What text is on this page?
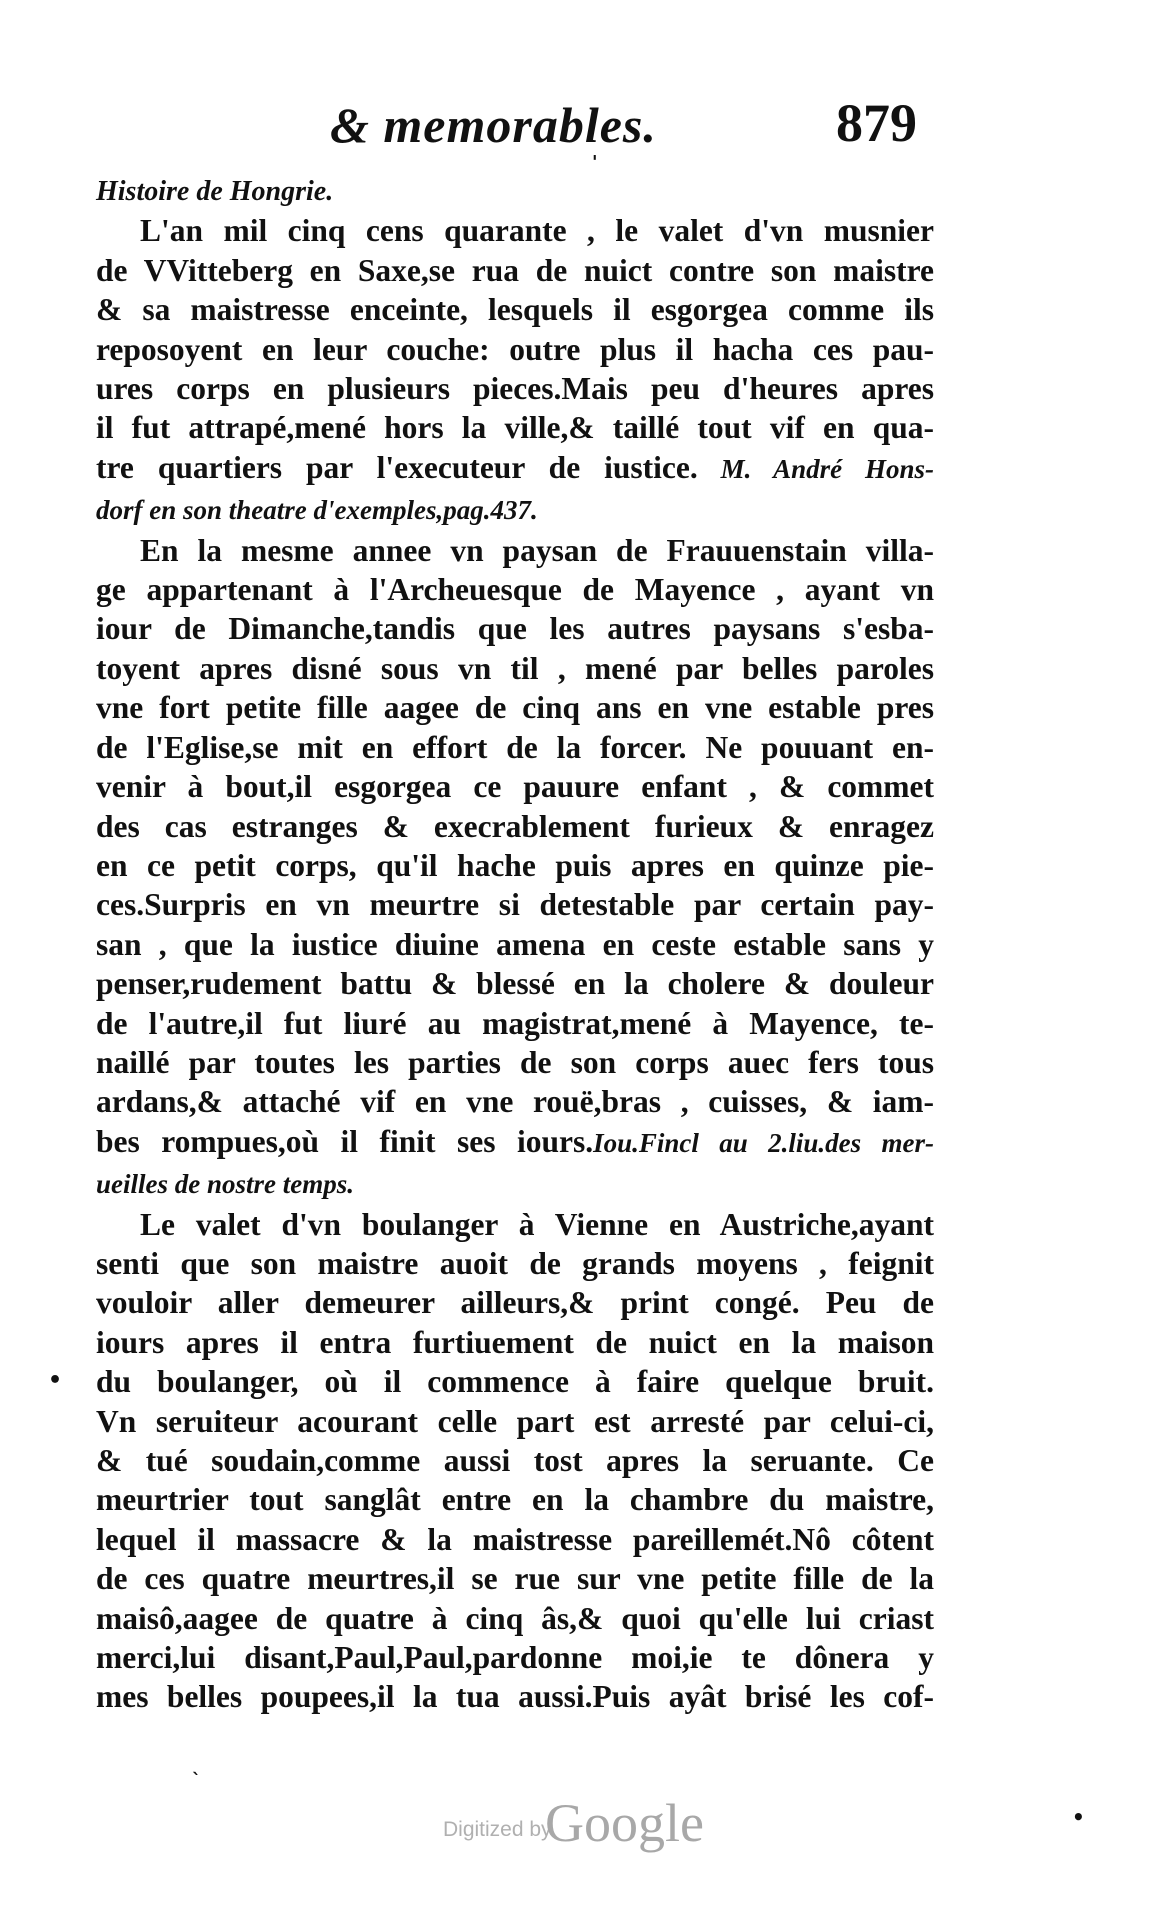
& memorables.	879
Histoire de Hongrie.
L'an mil cinq cens quarante , le valet d'vn musnier
de VVitteberg en Saxe,se rua de nuict contre son maistre
& sa maistresse enceinte, lesquels il esgorgea comme ils
reposoyent en leur couche: outre plus il hacha ces pau-
ures corps en plusieurs pieces.Mais peu d'heures apres
il fut attrapé,mené hors la ville,& taillé tout vif en qua-
tre quartiers par l'executeur de iustice. M. André Hons-
dorf en son theatre d'exemples,pag.437.
En la mesme annee vn paysan de Frauuenstain villa-
ge appartenant à l'Archeuesque de Mayence , ayant vn
iour de Dimanche,tandis que les autres paysans s'esba-
toyent apres disné sous vn til , mené par belles paroles
vne fort petite fille aagee de cinq ans en vne estable pres
de l'Eglise,se mit en effort de la forcer. Ne pouuant en-
venir à bout,il esgorgea ce pauure enfant , & commet
des cas estranges & execrablement furieux & enragez
en ce petit corps, qu'il hache puis apres en quinze pie-
ces.Surpris en vn meurtre si detestable par certain pay-
san , que la iustice diuine amena en ceste estable sans y
penser,rudement battu & blessé en la cholere & douleur
de l'autre,il fut liuré au magistrat,mené à Mayence, te-
naillé par toutes les parties de son corps auec fers tous
ardans,& attaché vif en vne rouë,bras , cuisses, & iam-
bes rompues,où il finit ses iours.Iou.Fincl au 2.liu.des mer-
ueilles de nostre temps.
Le valet d'vn boulanger à Vienne en Austriche,ayant
senti que son maistre auoit de grands moyens , feignit
vouloir aller demeurer ailleurs,& print congé. Peu de
iours apres il entra furtiuement de nuict en la maison
du boulanger, où il commence à faire quelque bruit.
Vn seruiteur acourant celle part est arresté par celui-ci,
& tué soudain,comme aussi tost apres la seruante. Ce
meurtrier tout sanglât entre en la chambre du maistre,
lequel il massacre & la maistresse pareillemét.Nô côtent
de ces quatre meurtres,il se rue sur vne petite fille de la
maisô,aagee de quatre à cinq âs,& quoi qu'elle lui criast
merci,lui disant,Paul,Paul,pardonne moi,ie te dônera y
mes belles poupees,il la tua aussi.Puis ayât brisé les cof-
'
•
`
•
Digitized by
Google
